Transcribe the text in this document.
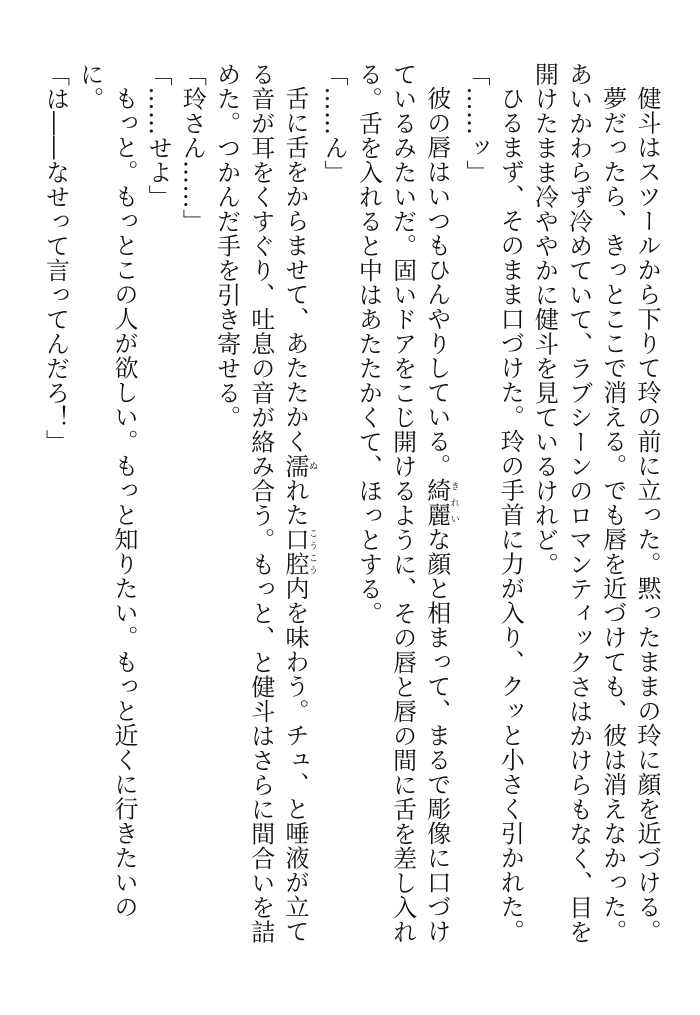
健斗はスツールから下りて玲の前に立った。黙ったままの玲に顔を近づける。

夢だったら、きっとここで消える。でも唇を近づけても、彼は消えなかった。あいかわらず冷めていて、ラブシーンのロマンティックさはかけらもなく、目を開けたまま冷ややかに健斗を見ているけれど。

ひるまず、そのまま口づけた。玲の手首に力が入り、クッと小さく引かれた。

「……ッ」

彼の唇はいつもひんやりしている。綺麗きれいな顔と相まって、まるで彫像に口づけているみたいだ。固いドアをこじ開けるように、その唇と唇の間に舌を差し入れる。舌を入れると中はあたたかくて、ほっとする。

「……ん」

舌に舌をからませて、あたたかく濡ぬれた口腔こうこう内を味わう。チュ、と唾液が立てる音が耳をくすぐり、吐息の音が絡み合う。もっと、と健斗はさらに間合いを詰めた。つかんだ手を引き寄せる。

「玲さん……」

「……せよ」

もっと。もっとこの人が欲しい。もっと知りたい。もっと近くに行きたいのに。

「は――なせって言ってんだろ！」
